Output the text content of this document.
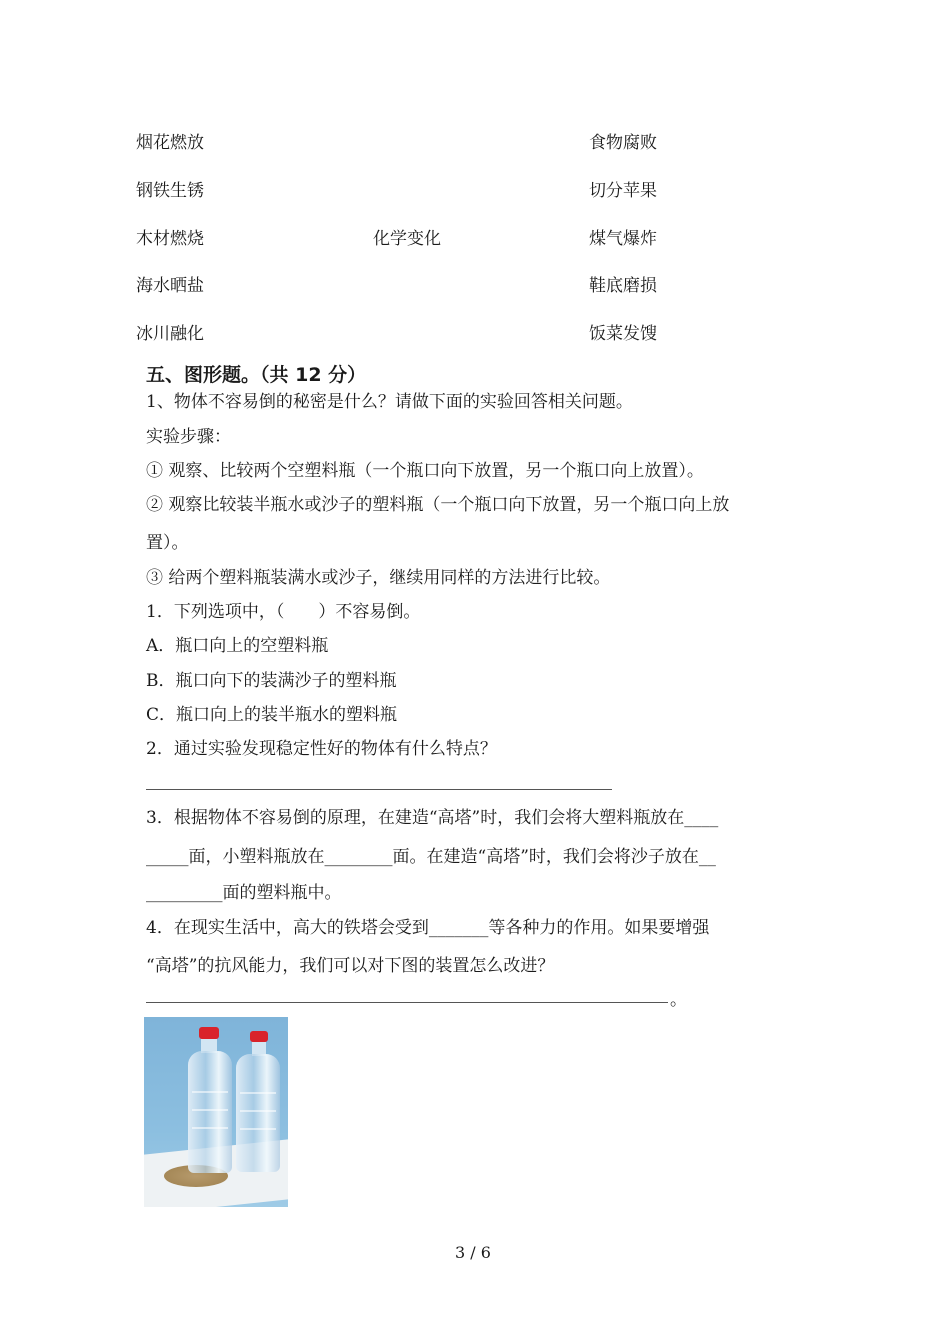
烟花燃放
钢铁生锈
木材燃烧
海水晒盐
冰川融化
化学变化
食物腐败
切分苹果
煤气爆炸
鞋底磨损
饭菜发馊
五、图形题。（共 12 分）
1、物体不容易倒的秘密是什么？请做下面的实验回答相关问题。
实验步骤：
① 观察、比较两个空塑料瓶（一个瓶口向下放置，另一个瓶口向上放置）。
② 观察比较装半瓶水或沙子的塑料瓶（一个瓶口向下放置，另一个瓶口向上放
置）。
③ 给两个塑料瓶装满水或沙子，继续用同样的方法进行比较。
1．下列选项中，（　　）不容易倒。
A．瓶口向上的空塑料瓶
B．瓶口向下的装满沙子的塑料瓶
C．瓶口向上的装半瓶水的塑料瓶
2．通过实验发现稳定性好的物体有什么特点？
3．根据物体不容易倒的原理，在建造“高塔”时，我们会将大塑料瓶放在____
_____面，小塑料瓶放在________面。在建造“高塔”时，我们会将沙子放在__
_________面的塑料瓶中。
4．在现实生活中，高大的铁塔会受到_______等各种力的作用。如果要增强
“高塔”的抗风能力，我们可以对下图的装置怎么改进？
。
3 / 6
